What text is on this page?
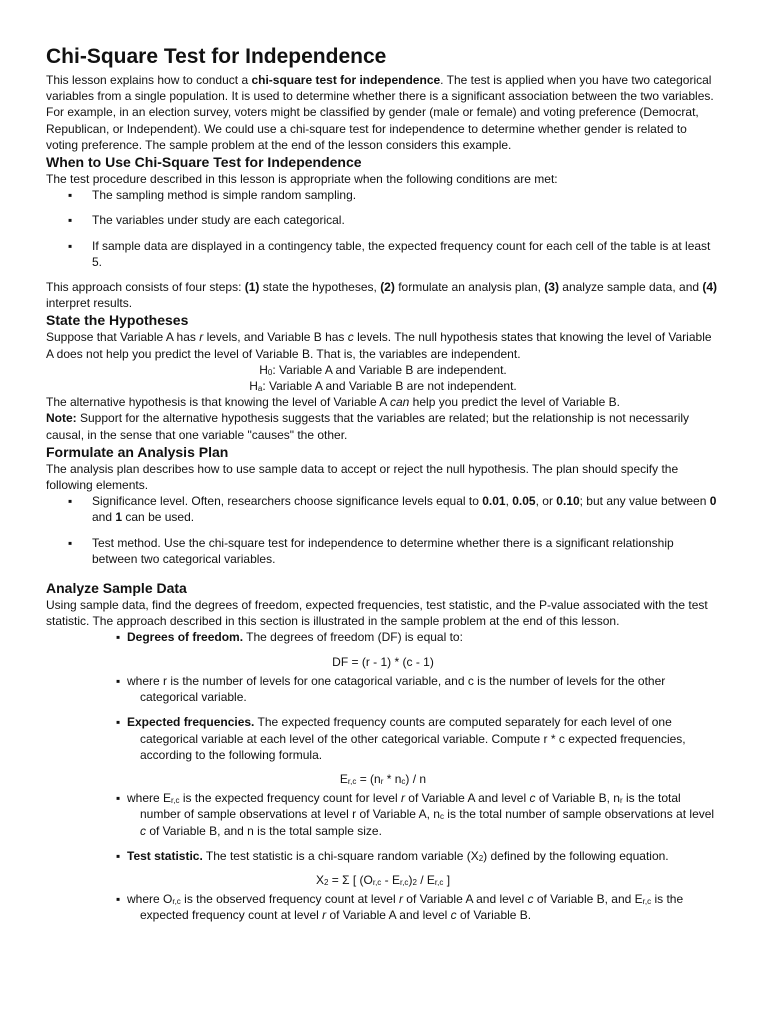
Chi-Square Test for Independence

This lesson explains how to conduct a chi-square test for independence. The test is applied when you have two categorical variables from a single population. It is used to determine whether there is a significant association between the two variables.

For example, in an election survey, voters might be classified by gender (male or female) and voting preference (Democrat, Republican, or Independent). We could use a chi-square test for independence to determine whether gender is related to voting preference. The sample problem at the end of the lesson considers this example.

When to Use Chi-Square Test for Independence

The test procedure described in this lesson is appropriate when the following conditions are met:

▪ The sampling method is simple random sampling.
▪ The variables under study are each categorical.
▪ If sample data are displayed in a contingency table, the expected frequency count for each cell of the table is at least 5.

This approach consists of four steps: (1) state the hypotheses, (2) formulate an analysis plan, (3) analyze sample data, and (4) interpret results.

State the Hypotheses

Suppose that Variable A has r levels, and Variable B has c levels. The null hypothesis states that knowing the level of Variable A does not help you predict the level of Variable B. That is, the variables are independent.

$H_0$: Variable A and Variable B are independent.

$H_a$: Variable A and Variable B are not independent.

The alternative hypothesis is that knowing the level of Variable A can help you predict the level of Variable B.

Note: Support for the alternative hypothesis suggests that the variables are related; but the relationship is not necessarily causal, in the sense that one variable "causes" the other.

Formulate an Analysis Plan

The analysis plan describes how to use sample data to accept or reject the null hypothesis. The plan should specify the following elements.

▪ Significance level. Often, researchers choose significance levels equal to 0.01, 0.05, or 0.10; but any value between 0 and 1 can be used.
▪ Test method. Use the chi-square test for independence to determine whether there is a significant relationship between two categorical variables.
Analyze Sample Data

Using sample data, find the degrees of freedom, expected frequencies, test statistic, and the P-value associated with the test statistic. The approach described in this section is illustrated in the sample problem at the end of this lesson.

▪ Degrees of freedom. The degrees of freedom (DF) is equal to:

DF = (r - 1) * (c - 1)

▪ where r is the number of levels for one catagorical variable, and c is the number of levels for the other categorical variable.
▪ Expected frequencies. The expected frequency counts are computed separately for each level of one categorical variable at each level of the other categorical variable. Compute r * c expected frequencies, according to the following formula.

$E_{r,c} = (n_r * n_c) / n$

▪ where $E_{r,c}$ is the expected frequency count for level r of Variable A and level c of Variable B, $n_r$ is the total number of sample observations at level r of Variable A, $n_c$ is the total number of sample observations at level c of Variable B, and n is the total sample size.
▪ Test statistic. The test statistic is a chi-square random variable $(X_2)$ defined by the following equation.

$X_2 = \Sigma$ [ $(O_{r,c} - E_{r,c})_2 / E_{r,c}$ ]

▪ where $O_{r,c}$ is the observed frequency count at level r of Variable A and level c of Variable B, and $E_{r,c}$ is the expected frequency count at level r of Variable A and level c of Variable B.
